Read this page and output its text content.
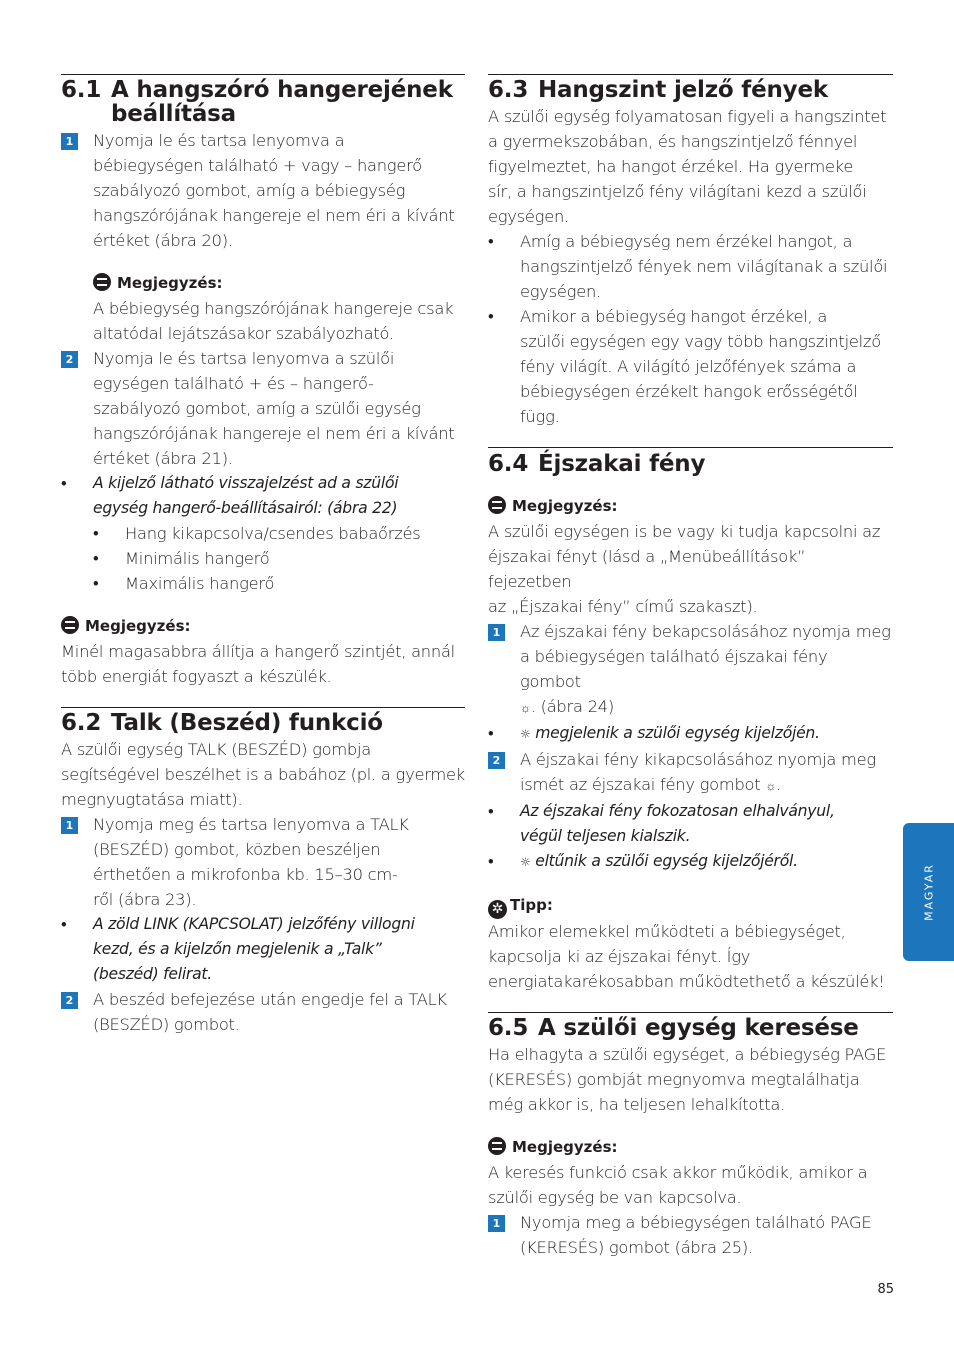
6.1 A hangszóró hangerejének
beállítása
1 Nyomja le és tartsa lenyomva a
bébiegységen található + vagy – hangerő
szabályozó gombot, amíg a bébiegység
hangszórójának hangereje el nem éri a kívánt
értéket (ábra 20).
Megjegyzés:
A bébiegység hangszórójának hangereje csak
altatódal lejátszásakor szabályozható.
2 Nyomja le és tartsa lenyomva a szülői
egységen található + és – hangerő-
szabályozó gombot, amíg a szülői egység
hangszórójának hangereje el nem éri a kívánt
értéket (ábra 21).
• A kijelző látható visszajelzést ad a szülői
egység hangerő-beállításairól: (ábra 22)
• Hang kikapcsolva/csendes babaőrzés
• Minimális hangerő
• Maximális hangerő
Megjegyzés:
Minél magasabbra állítja a hangerő szintjét, annál
több energiát fogyaszt a készülék.
6.2 Talk (Beszéd) funkció
A szülői egység TALK (BESZÉD) gombja
segítségével beszélhet is a babához (pl. a gyermek
megnyugtatása miatt).
1 Nyomja meg és tartsa lenyomva a TALK
(BESZÉD) gombot, közben beszéljen
érthetően a mikrofonba kb. 15–30 cm-
ről (ábra 23).
• A zöld LINK (KAPCSOLAT) jelzőfény villogni
kezd, és a kijelzőn megjelenik a „Talk”
(beszéd) felirat.
2 A beszéd befejezése után engedje fel a TALK
(BESZÉD) gombot.
6.3 Hangszint jelző fények
A szülői egység folyamatosan figyeli a hangszintet
a gyermekszobában, és hangszintjelző fénnyel
figyelmeztet, ha hangot érzékel. Ha gyermeke
sír, a hangszintjelző fény világítani kezd a szülői
egységen.
• Amíg a bébiegység nem érzékel hangot, a
hangszintjelző fények nem világítanak a szülői
egységen.
• Amikor a bébiegység hangot érzékel, a
szülői egységen egy vagy több hangszintjelző
fény világít. A világító jelzőfények száma a
bébiegységen érzékelt hangok erősségétől
függ.
6.4 Éjszakai fény
Megjegyzés:
A szülői egységen is be vagy ki tudja kapcsolni az
éjszakai fényt (lásd a „Menübeállítások” fejezetben
az „Éjszakai fény” című szakaszt).
1 Az éjszakai fény bekapcsolásához nyomja meg
a bébiegységen található éjszakai fény gombot
☼. (ábra 24)
• ☼ megjelenik a szülői egység kijelzőjén.
2 A éjszakai fény kikapcsolásához nyomja meg
ismét az éjszakai fény gombot ☼.
• Az éjszakai fény fokozatosan elhalványul,
végül teljesen kialszik.
• ☼ eltűnik a szülői egység kijelzőjéről.
✲ Tipp:
Amikor elemekkel működteti a bébiegységet,
kapcsolja ki az éjszakai fényt. Így
energiatakarékosabban működtethető a készülék!
6.5 A szülői egység keresése
Ha elhagyta a szülői egységet, a bébiegység PAGE
(KERESÉS) gombját megnyomva megtalálhatja
még akkor is, ha teljesen lehalkította.
Megjegyzés:
A keresés funkció csak akkor működik, amikor a
szülői egység be van kapcsolva.
1 Nyomja meg a bébiegységen található PAGE
(KERESÉS) gombot (ábra 25).
MAGYAR
85
